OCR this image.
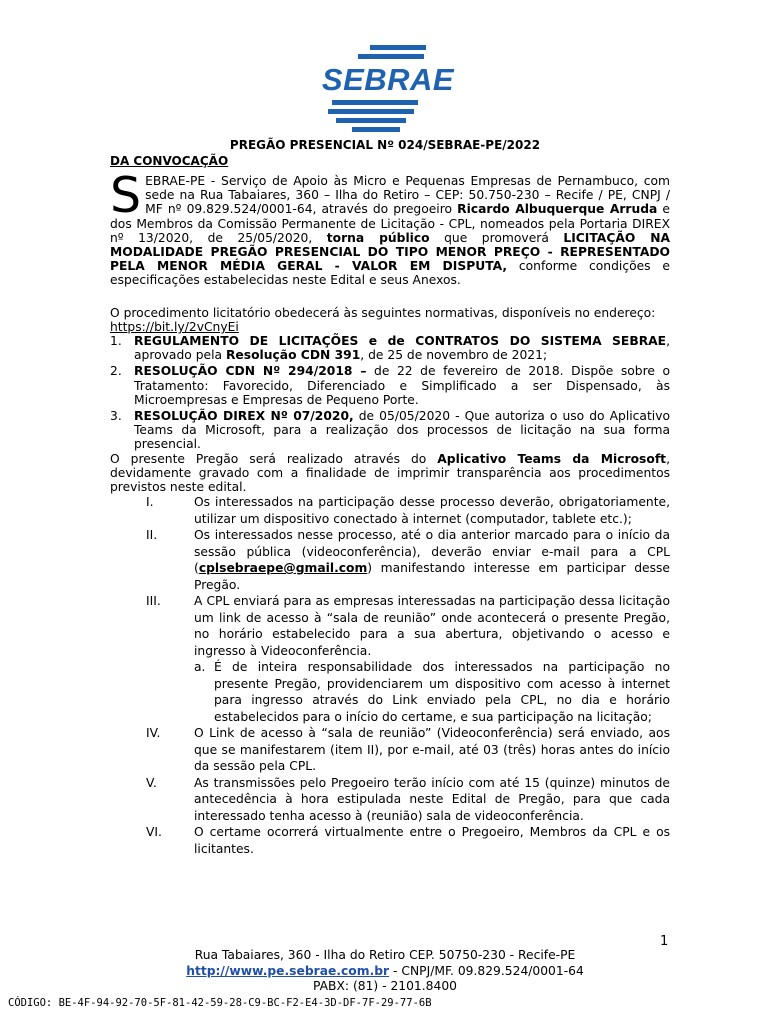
SEBRAE
PREGÃO PRESENCIAL Nº 024/SEBRAE-PE/2022
DA CONVOCAÇÃO
SEBRAE-PE - Serviço de Apoio às Micro e Pequenas Empresas de Pernambuco, com sede na Rua Tabaiares, 360 – Ilha do Retiro – CEP: 50.750-230 – Recife / PE, CNPJ / MF nº 09.829.524/0001-64, através do pregoeiro Ricardo Albuquerque Arruda e dos Membros da Comissão Permanente de Licitação - CPL, nomeados pela Portaria DIREX nº 13/2020, de 25/05/2020, torna público que promoverá LICITAÇÃO NA MODALIDADE PREGÃO PRESENCIAL DO TIPO MENOR PREÇO - REPRESENTADO PELA MENOR MÉDIA GERAL - VALOR EM DISPUTA, conforme condições e especificações estabelecidas neste Edital e seus Anexos.
O procedimento licitatório obedecerá às seguintes normativas, disponíveis no endereço:
https://bit.ly/2vCnyEi
1. REGULAMENTO DE LICITAÇÕES e de CONTRATOS DO SISTEMA SEBRAE, aprovado pela Resolução CDN 391, de 25 de novembro de 2021;
2. RESOLUÇÃO CDN Nº 294/2018 – de 22 de fevereiro de 2018. Dispõe sobre o Tratamento: Favorecido, Diferenciado e Simplificado a ser Dispensado, às Microempresas e Empresas de Pequeno Porte.
3. RESOLUÇÃO DIREX Nº 07/2020, de 05/05/2020 - Que autoriza o uso do Aplicativo Teams da Microsoft, para a realização dos processos de licitação na sua forma presencial.
O presente Pregão será realizado através do Aplicativo Teams da Microsoft, devidamente gravado com a finalidade de imprimir transparência aos procedimentos previstos neste edital.
I.	Os interessados na participação desse processo deverão, obrigatoriamente, utilizar um dispositivo conectado à internet (computador, tablete etc.);
II.	Os interessados nesse processo, até o dia anterior marcado para o início da sessão pública (videoconferência), deverão enviar e-mail para a CPL (cplsebraepe@gmail.com) manifestando interesse em participar desse Pregão.
III.	A CPL enviará para as empresas interessadas na participação dessa licitação um link de acesso à “sala de reunião” onde acontecerá o presente Pregão, no horário estabelecido para a sua abertura, objetivando o acesso e ingresso à Videoconferência.
a. É de inteira responsabilidade dos interessados na participação no presente Pregão, providenciarem um dispositivo com acesso à internet para ingresso através do Link enviado pela CPL, no dia e horário estabelecidos para o início do certame, e sua participação na licitação;
IV.	O Link de acesso à “sala de reunião” (Videoconferência) será enviado, aos que se manifestarem (item II), por e-mail, até 03 (três) horas antes do início da sessão pela CPL.
V.	As transmissões pelo Pregoeiro terão início com até 15 (quinze) minutos de antecedência à hora estipulada neste Edital de Pregão, para que cada interessado tenha acesso à (reunião) sala de videoconferência.
VI.	O certame ocorrerá virtualmente entre o Pregoeiro, Membros da CPL e os licitantes.
1
Rua Tabaiares, 360 - Ilha do Retiro CEP. 50750-230 - Recife-PE
http://www.pe.sebrae.com.br - CNPJ/MF. 09.829.524/0001-64
PABX: (81) - 2101.8400
CÓDIGO: BE-4F-94-92-70-5F-81-42-59-28-C9-BC-F2-E4-3D-DF-7F-29-77-6B
